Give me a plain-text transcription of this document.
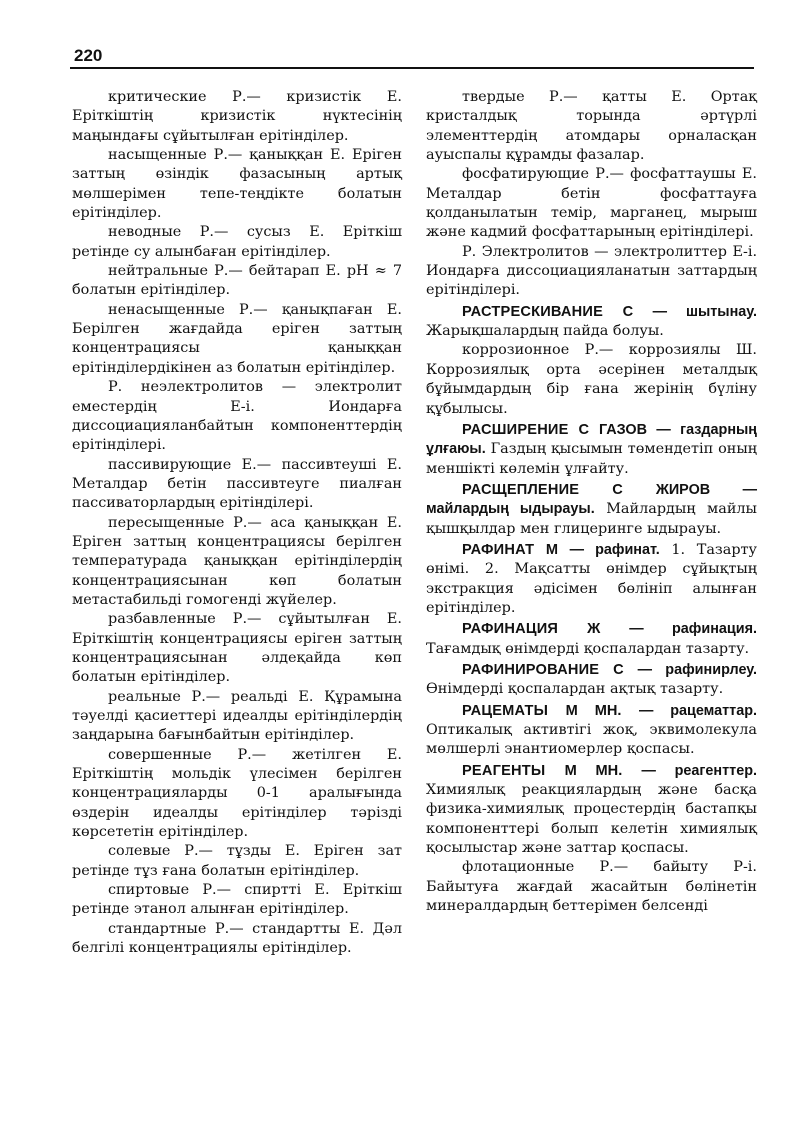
220

критические Р.— кризистік Е. Еріткіштің кризистік нүктесінің маңындағы сұйытылған ерітінділер.

насыщенные Р.— қаныққан Е. Еріген заттың өзіндік фазасының артық мөлшерімен тепе-теңдікте болатын ерітінділер.

неводные Р.— сусыз Е. Еріткіш ретінде су алынбаған ерітінділер.

нейтральные Р.— бейтарап Е. pH ≈ 7 болатын ерітінділер.

ненасыщенные Р.— қанықпаған Е. Берілген жағдайда еріген заттың концентрациясы қаныққан ерітінділердікінен аз болатын ерітінділер.

Р. неэлектролитов — электролит еместердің Е-і. Иондарға диссоциацияланбайтын компоненттердің ерітінділері.

пассивирующие Е.— пассивтеуші Е. Металдар бетін пассивтеуге пиалған пассиваторлардың ерітінділері.

пересыщенные Р.— аса қаныққан Е. Еріген заттың концентрациясы берілген температурада қаныққан ерітінділердің концентрациясынан көп болатын метастабильді гомогенді жүйелер.

разбавленные Р.— сұйытылған Е. Еріткіштің концентрациясы еріген заттың концентрациясынан әлдеқайда көп болатын ерітінділер.

реальные Р.— реальді Е. Құрамына тәуелді қасиеттері идеалды ерітінділердің заңдарына бағынбайтын ерітінділер.

совершенные Р.— жетілген Е. Еріткіштің мольдік үлесімен берілген концентрацияларды 0-1 аралығында өздерін идеалды ерітінділер тәрізді көрсететін ерітінділер.

солевые Р.— тұзды Е. Еріген зат ретінде тұз ғана болатын ерітінділер.

спиртовые Р.— спиртті Е. Еріткіш ретінде этанол алынған ерітінділер.

стандартные Р.— стандартты Е. Дәл белгілі концентрациялы ерітінділер.

твердые Р.— қатты Е. Ортақ кристалдық торында әртүрлі элементтердің атомдары орналасқан ауыспалы құрамды фазалар.

фосфатирующие Р.— фосфаттаушы Е. Металдар бетін фосфаттауға қолданылатын темір, марганец, мырыш және кадмий фосфаттарының ерітінділері.

Р. Электролитов — электролиттер Е-і. Иондарға диссоциацияланатын заттардың ерітінділері.

РАСТРЕСКИВАНИЕ С — шытынау. Жарықшалардың пайда болуы.

коррозионное Р.— коррозиялы Ш. Коррозиялық орта әсерінен металдық бұйымдардың бір ғана жерінің бүліну құбылысы.

РАСШИРЕНИЕ С ГАЗОВ — газдарның ұлғаюы. Газдың қысымын төмендетіп оның меншікті көлемін ұлғайту.

РАСЩЕПЛЕНИЕ С ЖИРОВ — майлардың ыдырауы. Майлардың майлы қышқылдар мен глицеринге ыдырауы.

РАФИНАТ М — рафинат. 1. Тазарту өнімі. 2. Мақсатты өнімдер сұйықтың экстракция әдісімен бөлініп алынған ерітінділер.

РАФИНАЦИЯ Ж — рафинация. Тағамдық өнімдерді қоспалардан тазарту.

РАФИНИРОВАНИЕ С — рафинирлеу. Өнімдерді қоспалардан ақтық тазарту.

РАЦЕМАТЫ М МН. — рацематтар. Оптикалық активтігі жоқ, эквимолекула мөлшерлі энантиомерлер қоспасы.

РЕАГЕНТЫ М МН. — реагенттер. Химиялық реакциялардың және басқа физика-химиялық процестердің бастапқы компоненттері болып келетін химиялық қосылыстар және заттар қоспасы.

флотационные Р.— байыту Р-і. Байытуға жағдай жасайтын бөлінетін минералдардың беттерімен белсенді
